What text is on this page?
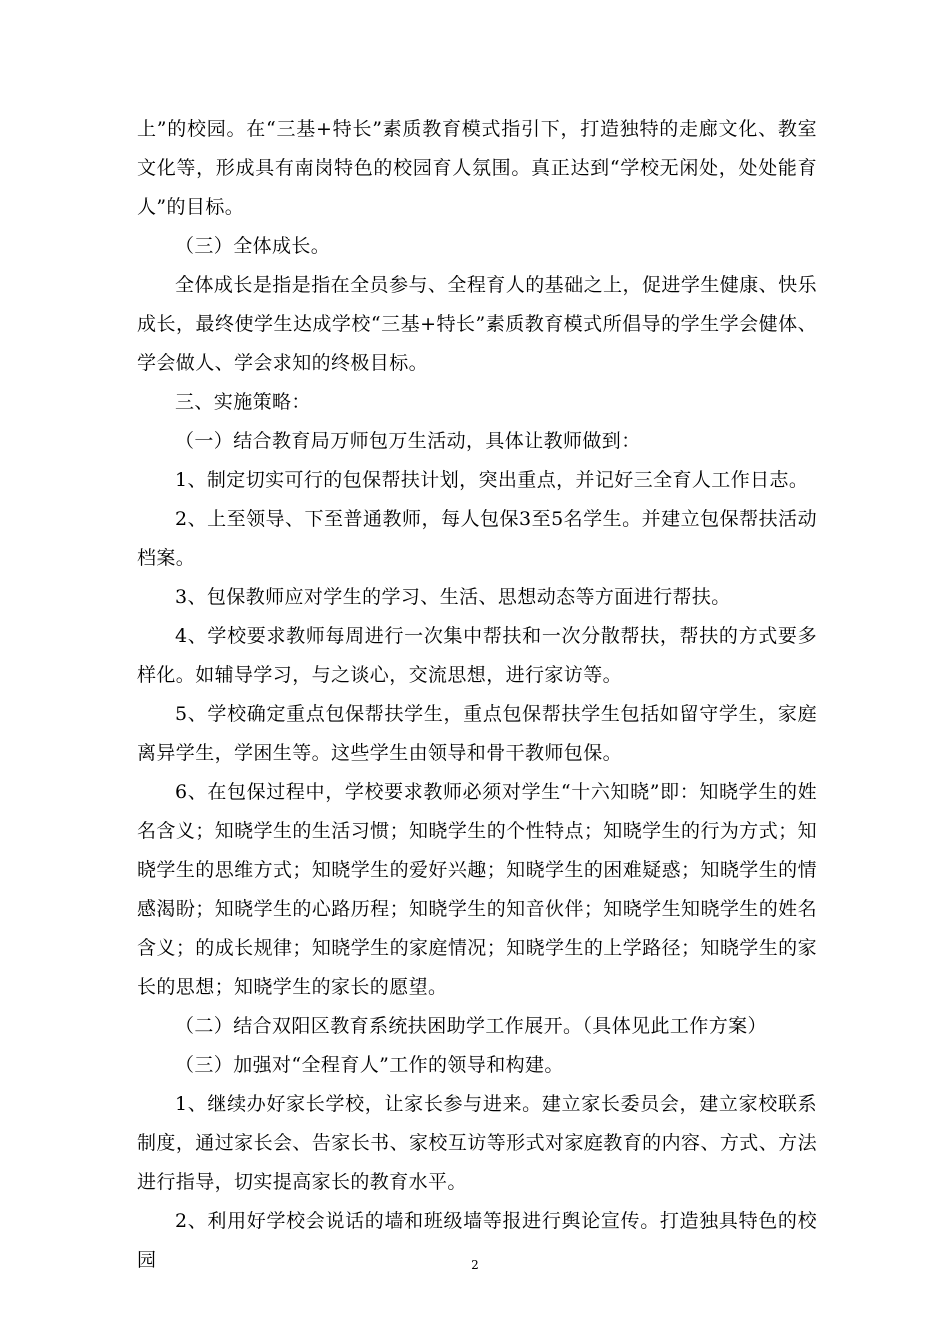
上”的校园。在“三基+特长”素质教育模式指引下，打造独特的走廊文化、教室文化等，形成具有南岗特色的校园育人氛围。真正达到“学校无闲处，处处能育人”的目标。

（三）全体成长。

全体成长是指是指在全员参与、全程育人的基础之上，促进学生健康、快乐成长，最终使学生达成学校“三基+特长”素质教育模式所倡导的学生学会健体、学会做人、学会求知的终极目标。

三、实施策略：

（一）结合教育局万师包万生活动，具体让教师做到：

1、制定切实可行的包保帮扶计划，突出重点，并记好三全育人工作日志。

2、上至领导、下至普通教师，每人包保3至5名学生。并建立包保帮扶活动档案。

3、包保教师应对学生的学习、生活、思想动态等方面进行帮扶。

4、学校要求教师每周进行一次集中帮扶和一次分散帮扶，帮扶的方式要多样化。如辅导学习，与之谈心，交流思想，进行家访等。

5、学校确定重点包保帮扶学生，重点包保帮扶学生包括如留守学生，家庭离异学生，学困生等。这些学生由领导和骨干教师包保。

6、在包保过程中，学校要求教师必须对学生“十六知晓”即：知晓学生的姓名含义；知晓学生的生活习惯；知晓学生的个性特点；知晓学生的行为方式；知晓学生的思维方式；知晓学生的爱好兴趣；知晓学生的困难疑惑；知晓学生的情感渴盼；知晓学生的心路历程；知晓学生的知音伙伴；知晓学生知晓学生的姓名含义；的成长规律；知晓学生的家庭情况；知晓学生的上学路径；知晓学生的家长的思想；知晓学生的家长的愿望。

（二）结合双阳区教育系统扶困助学工作展开。（具体见此工作方案）

（三）加强对“全程育人”工作的领导和构建。

1、继续办好家长学校，让家长参与进来。建立家长委员会，建立家校联系制度，通过家长会、告家长书、家校互访等形式对家庭教育的内容、方式、方法进行指导，切实提高家长的教育水平。

2、利用好学校会说话的墙和班级墙等报进行舆论宣传。打造独具特色的校园	2
